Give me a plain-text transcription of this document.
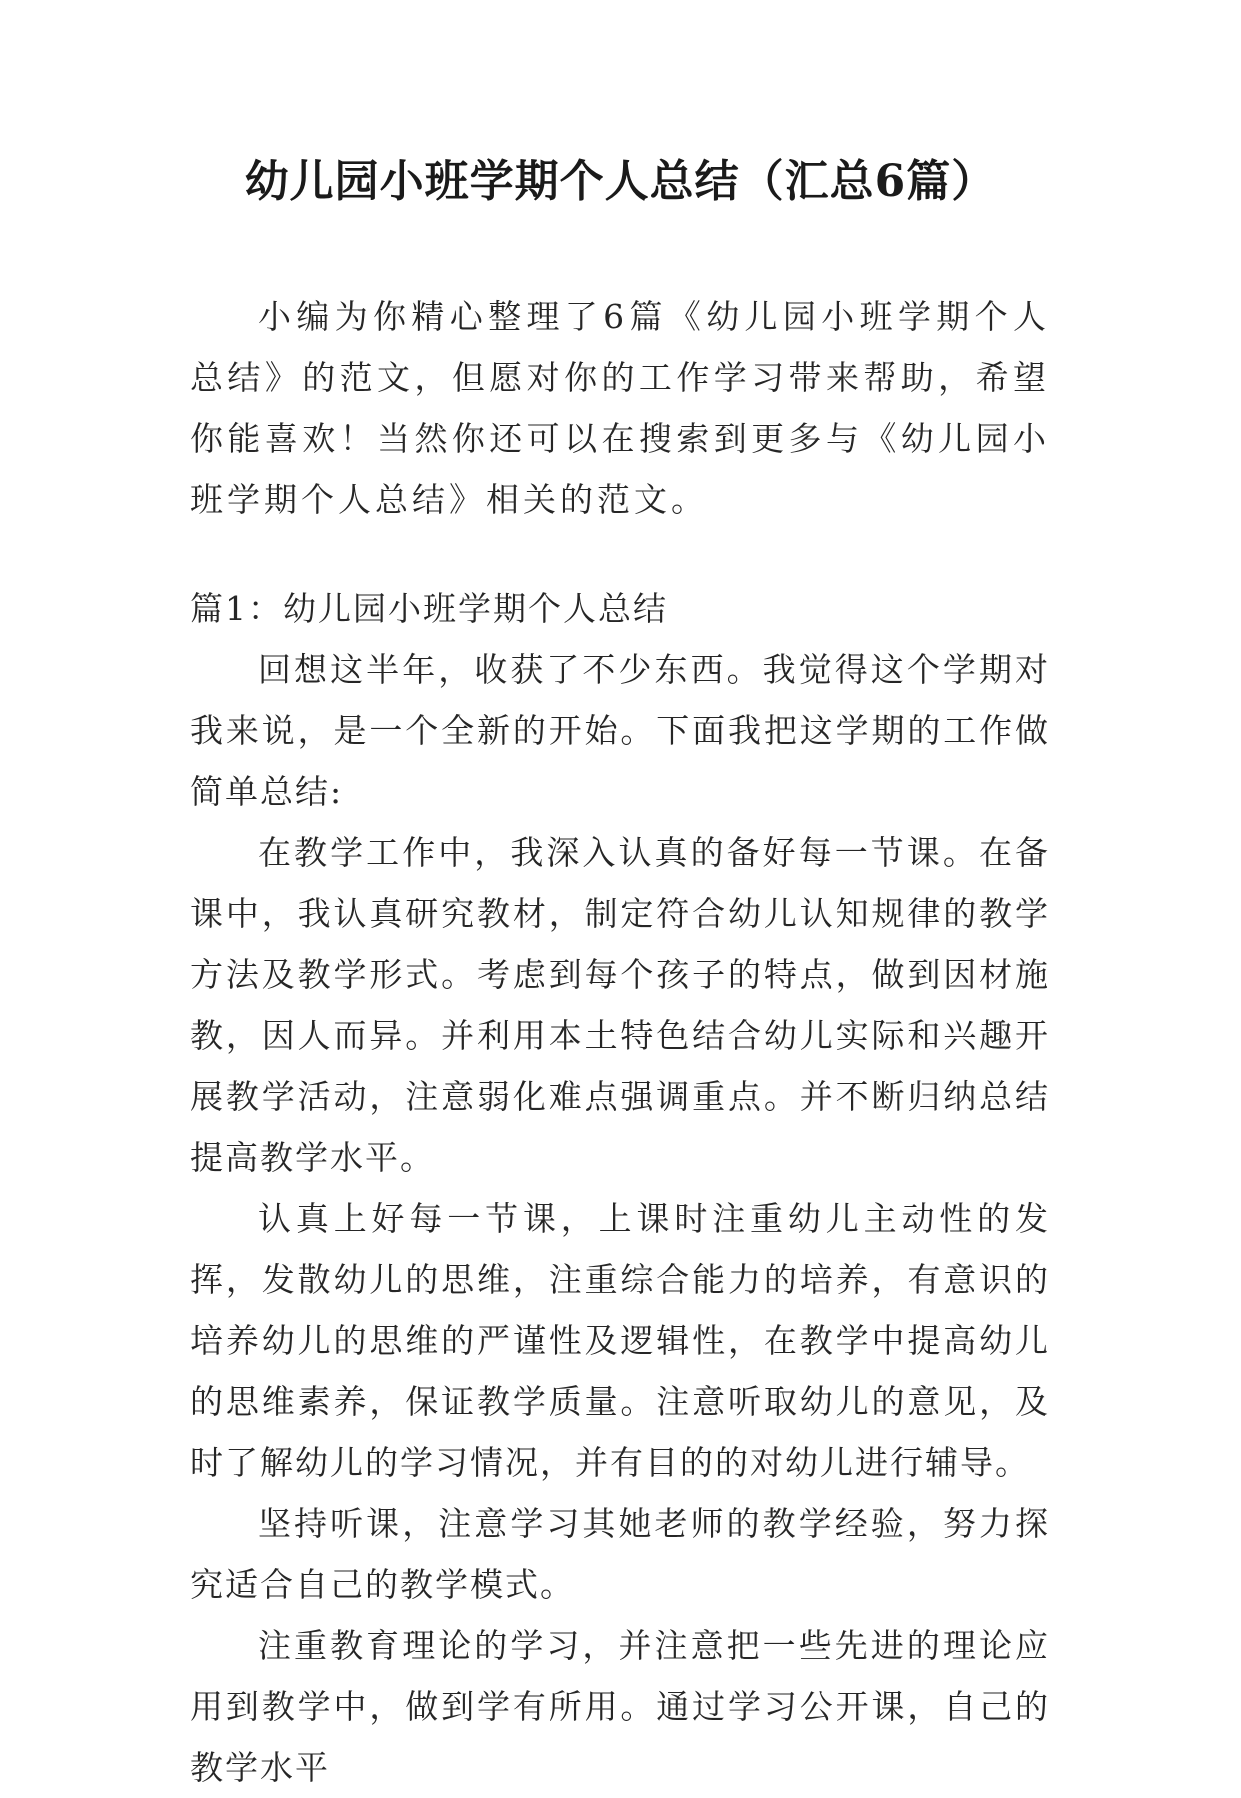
幼儿园小班学期个人总结（汇总6篇）

小编为你精心整理了6篇《幼儿园小班学期个人总结》的范文，但愿对你的工作学习带来帮助，希望你能喜欢！当然你还可以在搜索到更多与《幼儿园小班学期个人总结》相关的范文。

篇1：幼儿园小班学期个人总结

回想这半年，收获了不少东西。我觉得这个学期对我来说，是一个全新的开始。下面我把这学期的工作做简单总结:

在教学工作中，我深入认真的备好每一节课。在备课中，我认真研究教材，制定符合幼儿认知规律的教学方法及教学形式。考虑到每个孩子的特点，做到因材施教，因人而异。并利用本土特色结合幼儿实际和兴趣开展教学活动，注意弱化难点强调重点。并不断归纳总结提高教学水平。

认真上好每一节课，上课时注重幼儿主动性的发挥，发散幼儿的思维，注重综合能力的培养，有意识的培养幼儿的思维的严谨性及逻辑性，在教学中提高幼儿的思维素养，保证教学质量。注意听取幼儿的意见，及时了解幼儿的学习情况，并有目的的对幼儿进行辅导。

坚持听课，注意学习其她老师的教学经验，努力探究适合自己的教学模式。

注重教育理论的学习，并注意把一些先进的理论应用到教学中，做到学有所用。通过学习公开课，自己的教学水平
